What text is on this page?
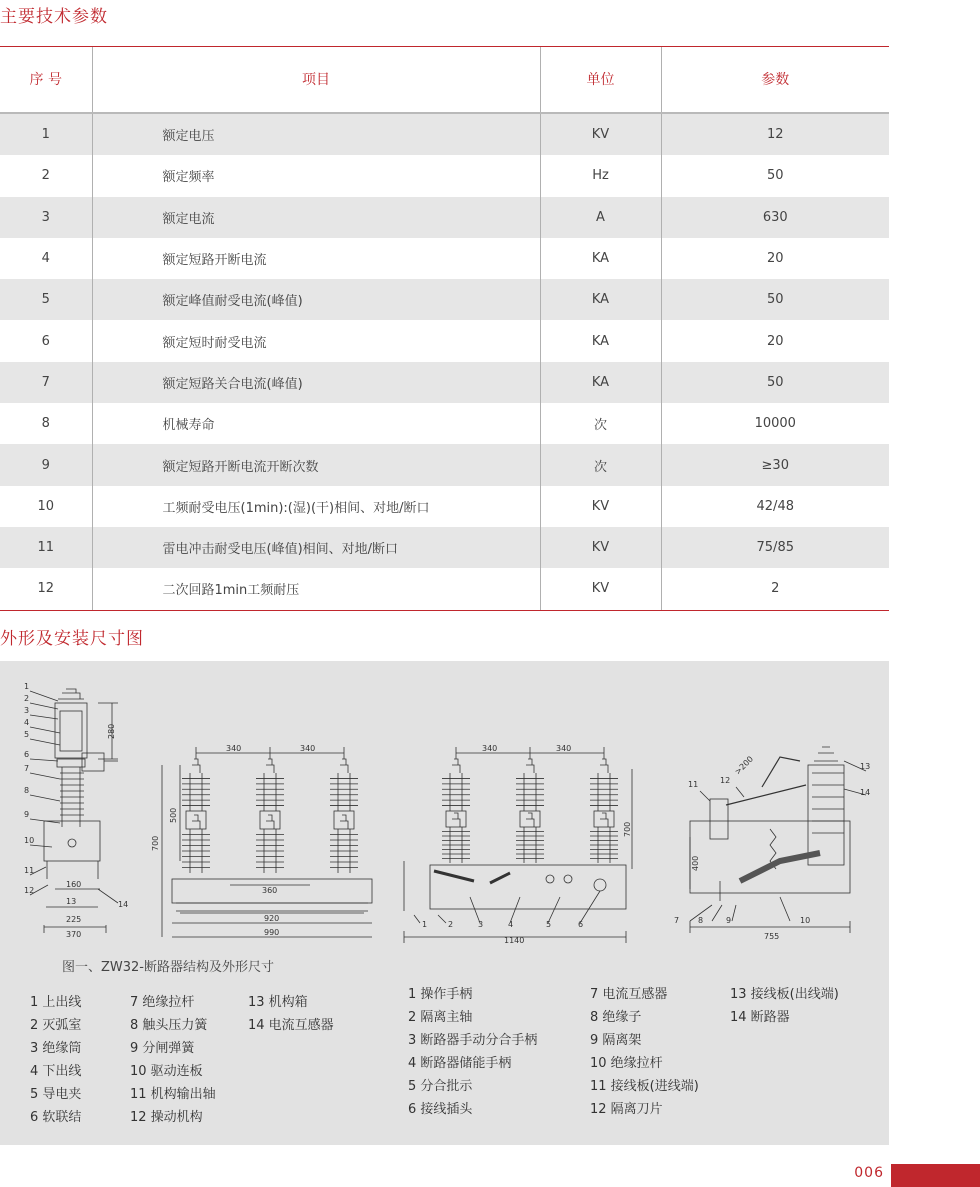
主要技术参数
序 号	项目	单位	参数
1	额定电压	KV	12
2	额定频率	Hz	50
3	额定电流	A	630
4	额定短路开断电流	KA	20
5	额定峰值耐受电流(峰值)	KA	50
6	额定短时耐受电流	KA	20
7	额定短路关合电流(峰值)	KA	50
8	机械寿命	次	10000
9	额定短路开断电流开断次数	次	≥30
10	工频耐受电压(1min):(湿)(干)相间、对地/断口	KV	42/48
11	雷电冲击耐受电压(峰值)相间、对地/断口	KV	75/85
12	二次回路1min工频耐压	KV	2
外形及安装尺寸图
280
160
13
225
370
1
2
3
4
5
6
7
8
9
10
11
12
14
340	340
500
700
360
920
990
340	340
700
1140
1	2	3	4	5	6
400
>200
755
11	12
13
14
7 8	9	10
图一、ZW32-断路器结构及外形尺寸
1 上出线
2 灭弧室
3 绝缘筒
4 下出线
5 导电夹
6 软联结
7 绝缘拉杆
8 触头压力簧
9 分闸弹簧
10 驱动连板
11 机构输出轴
12 操动机构
13 机构箱
14 电流互感器
1 操作手柄
2 隔离主轴
3 断路器手动分合手柄
4 断路器储能手柄
5 分合批示
6 接线插头
7 电流互感器
8 绝缘子
9 隔离架
10 绝缘拉杆
11 接线板(进线端)
12 隔离刀片
13 接线板(出线端)
14 断路器
006
